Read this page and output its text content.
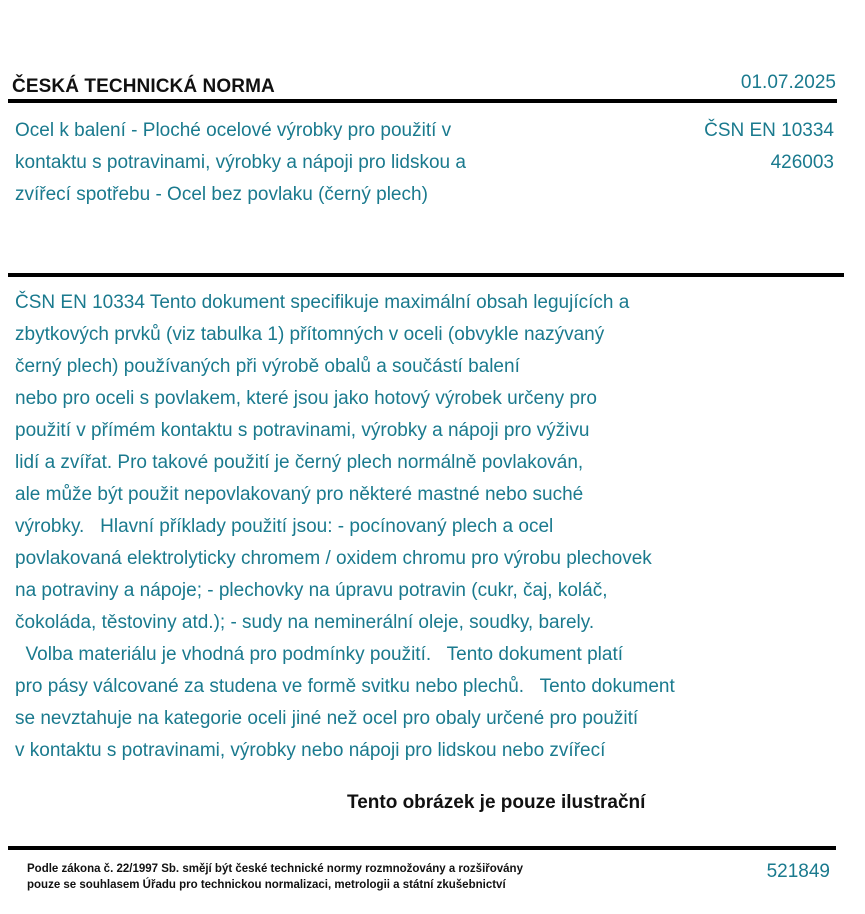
ČESKÁ TECHNICKÁ NORMA	01.07.2025
Ocel k balení - Ploché ocelové výrobky pro použití v
kontaktu s potravinami, výrobky a nápoji pro lidskou a
zvířecí spotřebu - Ocel bez povlaku (černý plech)
ČSN EN 10334
426003
ČSN EN 10334 Tento dokument specifikuje maximální obsah legujících a
zbytkových prvků (viz tabulka 1) přítomných v oceli (obvykle nazývaný
černý plech) používaných při výrobě obalů a součástí balení
nebo pro oceli s povlakem, které jsou jako hotový výrobek určeny pro
použití v přímém kontaktu s potravinami, výrobky a nápoji pro výživu
lidí a zvířat. Pro takové použití je černý plech normálně povlakován,
ale může být použit nepovlakovaný pro některé mastné nebo suché
výrobky.   Hlavní příklady použití jsou: - pocínovaný plech a ocel
povlakovaná elektrolyticky chromem / oxidem chromu pro výrobu plechovek
na potraviny a nápoje; - plechovky na úpravu potravin (cukr, čaj, koláč,
čokoláda, těstoviny atd.); - sudy na neminerální oleje, soudky, barely.
Volba materiálu je vhodná pro podmínky použití.   Tento dokument platí
pro pásy válcované za studena ve formě svitku nebo plechů.   Tento dokument
se nevztahuje na kategorie oceli jiné než ocel pro obaly určené pro použití
v kontaktu s potravinami, výrobky nebo nápoji pro lidskou nebo zvířecí
Tento obrázek je pouze ilustrační
Podle zákona č. 22/1997 Sb. smějí být české technické normy rozmnožovány a rozšiřovány
pouze se souhlasem Úřadu pro technickou normalizaci, metrologii a státní zkušebnictví
521849
